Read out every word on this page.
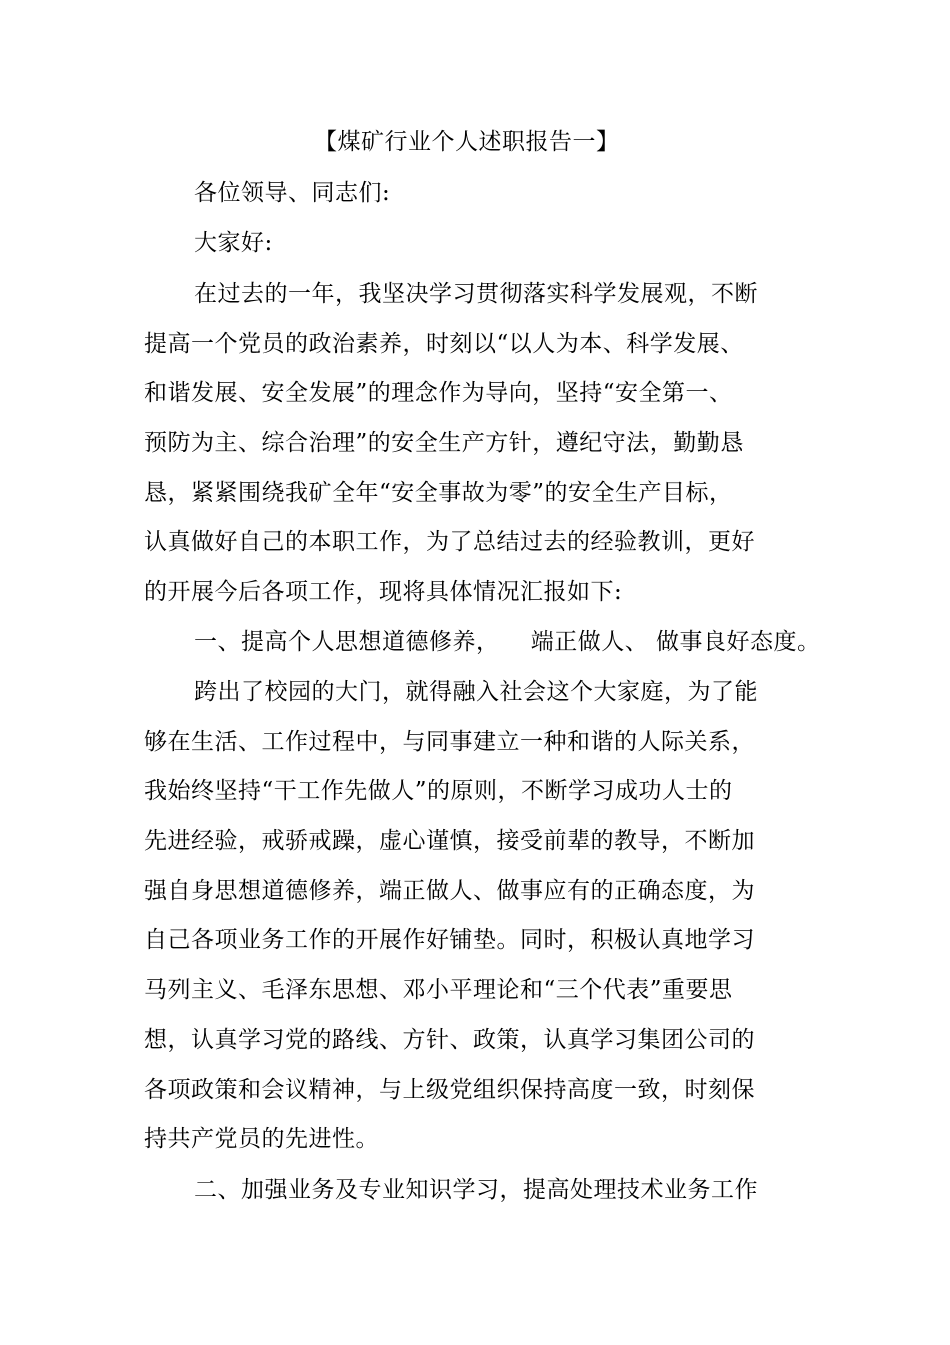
【煤矿行业个人述职报告一】
各位领导、同志们:
大家好:
在过去的一年，我坚决学习贯彻落实科学发展观，不断
提高一个党员的政治素养，时刻以“以人为本、科学发展、
和谐发展、安全发展”的理念作为导向，坚持“安全第一、
预防为主、综合治理”的安全生产方针，遵纪守法，勤勤恳
恳，紧紧围绕我矿全年“安全事故为零”的安全生产目标，
认真做好自己的本职工作，为了总结过去的经验教训，更好
的开展今后各项工作，现将具体情况汇报如下:
一、提高个人思想道德修养，    端正做人、 做事良好态度。
跨出了校园的大门，就得融入社会这个大家庭，为了能
够在生活、工作过程中，与同事建立一种和谐的人际关系，
我始终坚持“干工作先做人”的原则，不断学习成功人士的
先进经验，戒骄戒躁，虚心谨慎，接受前辈的教导，不断加
强自身思想道德修养，端正做人、做事应有的正确态度，为
自己各项业务工作的开展作好铺垫。同时，积极认真地学习
马列主义、毛泽东思想、邓小平理论和“三个代表”重要思
想，认真学习党的路线、方针、政策，认真学习集团公司的
各项政策和会议精神，与上级党组织保持高度一致，时刻保
持共产党员的先进性。
二、加强业务及专业知识学习，提高处理技术业务工作
